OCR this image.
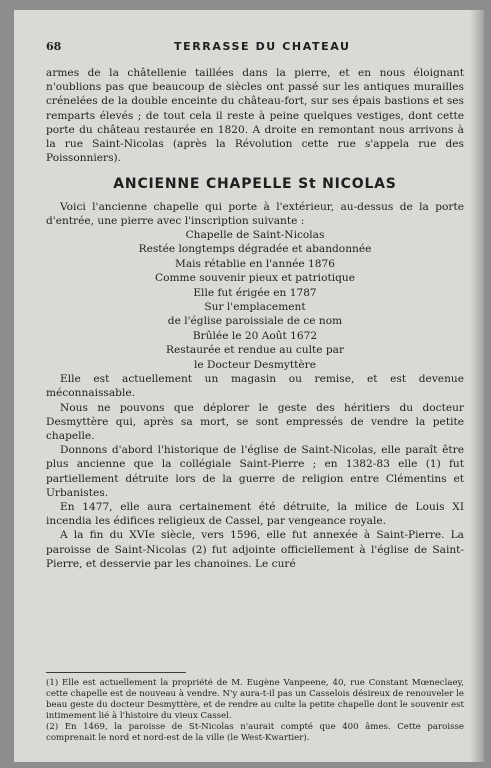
68	TERRASSE DU CHATEAU

armes de la châtellenie taillées dans la pierre, et en nous éloignant n'oublions pas que beaucoup de siècles ont passé sur les antiques murailles crénelées de la double enceinte du château-fort, sur ses épais bastions et ses remparts élevés ; de tout cela il reste à peine quelques vestiges, dont cette porte du château restaurée en 1820. A droite en remontant nous arrivons à la rue Saint-Nicolas (après la Révolution cette rue s'appela rue des Poissonniers).

ANCIENNE CHAPELLE St NICOLAS

Voici l'ancienne chapelle qui porte à l'extérieur, au-dessus de la porte d'entrée, une pierre avec l'inscription suivante :

Chapelle de Saint-Nicolas
Restée longtemps dégradée et abandonnée
Mais rétablie en l'année 1876
Comme souvenir pieux et patriotique
Elle fut érigée en 1787
Sur l'emplacement
de l'église paroissiale de ce nom
Brûlée le 20 Août 1672
Restaurée et rendue au culte par
le Docteur Desmyttère

Elle est actuellement un magasin ou remise, et est devenue méconnaissable.

Nous ne pouvons que déplorer le geste des héritiers du docteur Desmyttère qui, après sa mort, se sont empressés de vendre la petite chapelle.

Donnons d'abord l'historique de l'église de Saint-Nicolas, elle paraît être plus ancienne que la collégiale Saint-Pierre ; en 1382-83 elle (1) fut partiellement détruite lors de la guerre de religion entre Clémentins et Urbanistes.

En 1477, elle aura certainement été détruite, la milice de Louis XI incendia les édifices religieux de Cassel, par vengeance royale.

A la fin du XVIe siècle, vers 1596, elle fut annexée à Saint-Pierre. La paroisse de Saint-Nicolas (2) fut adjointe officiellement à l'église de Saint-Pierre, et desservie par les chanoines. Le curé

(1) Elle est actuellement la propriété de M. Eugène Vanpeene, 40, rue Constant Mœneclaey, cette chapelle est de nouveau à vendre. N'y aura-t-il pas un Casselois désireux de renouveler le beau geste du docteur Desmyttère, et de rendre au culte la petite chapelle dont le souvenir est intimement lié à l'histoire du vieux Cassel.

(2) En 1469, la paroisse de St-Nicolas n'aurait compté que 400 âmes. Cette paroisse comprenait le nord et nord-est de la ville (le West-Kwartier).
